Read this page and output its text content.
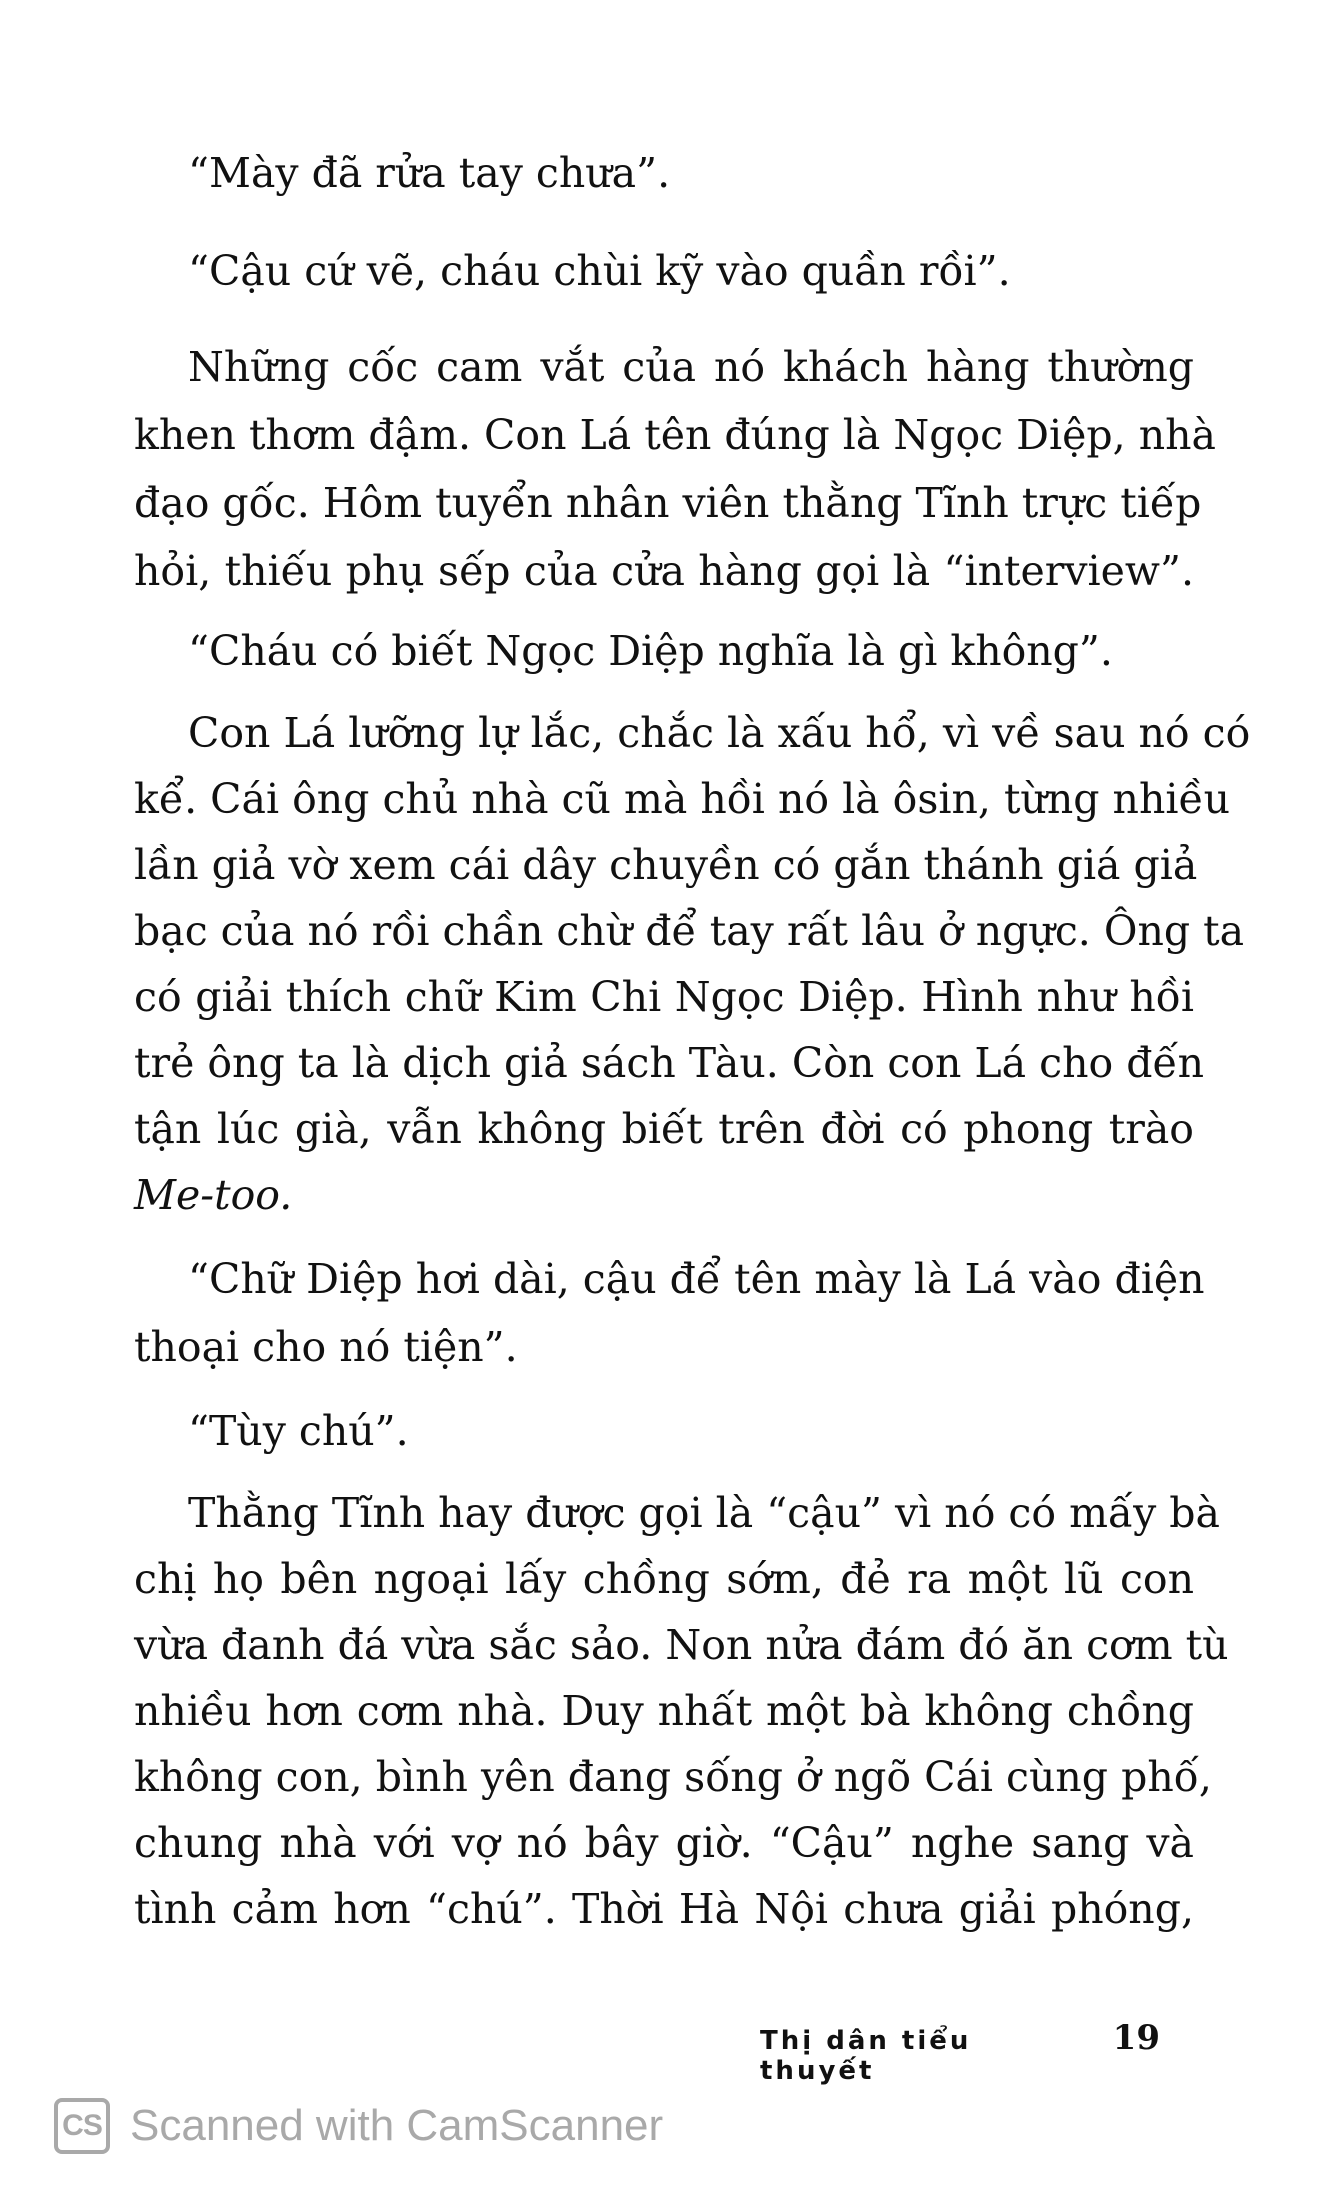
“Mày đã rửa tay chưa”.
“Cậu cứ vẽ, cháu chùi kỹ vào quần rồi”.
Những cốc cam vắt của nó khách hàng thường
khen thơm đậm. Con Lá tên đúng là Ngọc Diệp, nhà
đạo gốc. Hôm tuyển nhân viên thằng Tĩnh trực tiếp
hỏi, thiếu phụ sếp của cửa hàng gọi là “interview”.
“Cháu có biết Ngọc Diệp nghĩa là gì không”.
Con Lá lưỡng lự lắc, chắc là xấu hổ, vì về sau nó có
kể. Cái ông chủ nhà cũ mà hồi nó là ôsin, từng nhiều
lần giả vờ xem cái dây chuyền có gắn thánh giá giả
bạc của nó rồi chần chừ để tay rất lâu ở ngực. Ông ta
có giải thích chữ Kim Chi Ngọc Diệp. Hình như hồi
trẻ ông ta là dịch giả sách Tàu. Còn con Lá cho đến
tận lúc già, vẫn không biết trên đời có phong trào
Me-too.
“Chữ Diệp hơi dài, cậu để tên mày là Lá vào điện
thoại cho nó tiện”.
“Tùy chú”.
Thằng Tĩnh hay được gọi là “cậu” vì nó có mấy bà
chị họ bên ngoại lấy chồng sớm, đẻ ra một lũ con
vừa đanh đá vừa sắc sảo. Non nửa đám đó ăn cơm tù
nhiều hơn cơm nhà. Duy nhất một bà không chồng
không con, bình yên đang sống ở ngõ Cái cùng phố,
chung nhà với vợ nó bây giờ. “Cậu” nghe sang và
tình cảm hơn “chú”. Thời Hà Nội chưa giải phóng,
Thị dân tiểu thuyết
19
CS Scanned with CamScanner
